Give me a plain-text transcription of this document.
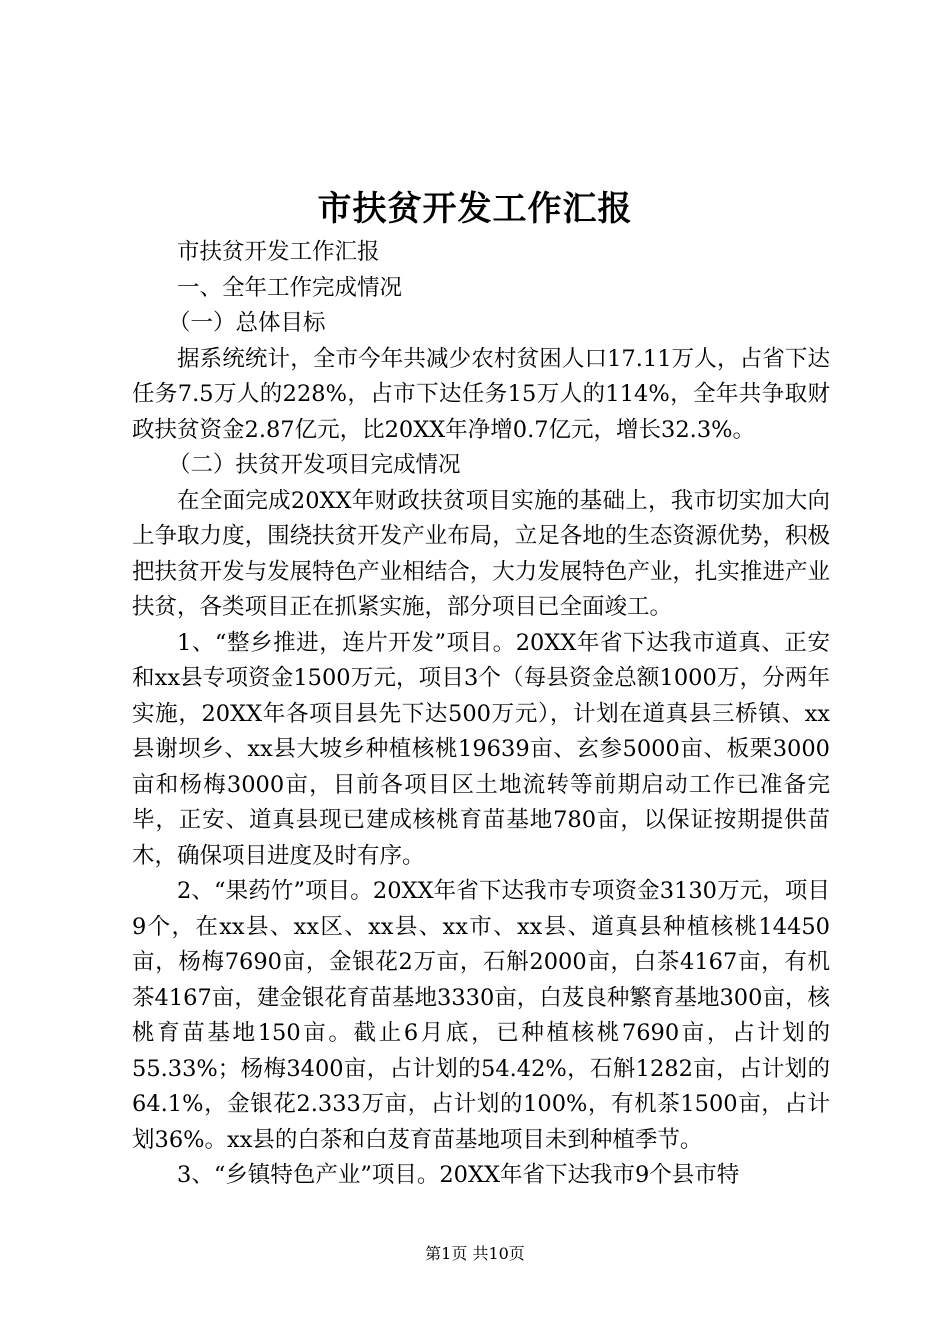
市扶贫开发工作汇报

市扶贫开发工作汇报

一、全年工作完成情况

（一）总体目标

据系统统计，全市今年共减少农村贫困人口17.11万人，占省下达任务7.5万人的228%，占市下达任务15万人的114%，全年共争取财政扶贫资金2.87亿元，比20XX年净增0.7亿元，增长32.3%。

（二）扶贫开发项目完成情况

在全面完成20XX年财政扶贫项目实施的基础上，我市切实加大向上争取力度，围绕扶贫开发产业布局，立足各地的生态资源优势，积极把扶贫开发与发展特色产业相结合，大力发展特色产业，扎实推进产业扶贫，各类项目正在抓紧实施，部分项目已全面竣工。

1、“整乡推进，连片开发”项目。20XX年省下达我市道真、正安和xx县专项资金1500万元，项目3个（每县资金总额1000万，分两年实施，20XX年各项目县先下达500万元），计划在道真县三桥镇、xx县谢坝乡、xx县大坡乡种植核桃19639亩、玄参5000亩、板栗3000亩和杨梅3000亩，目前各项目区土地流转等前期启动工作已准备完毕，正安、道真县现已建成核桃育苗基地780亩，以保证按期提供苗木，确保项目进度及时有序。

2、“果药竹”项目。20XX年省下达我市专项资金3130万元，项目9个，在xx县、xx区、xx县、xx市、xx县、道真县种植核桃14450亩，杨梅7690亩，金银花2万亩，石斛2000亩，白茶4167亩，有机茶4167亩，建金银花育苗基地3330亩，白芨良种繁育基地300亩，核桃育苗基地150亩。截止6月底，已种植核桃7690亩，占计划的55.33%；杨梅3400亩，占计划的54.42%，石斛1282亩，占计划的64.1%，金银花2.333万亩，占计划的100%，有机茶1500亩，占计划36%。xx县的白茶和白芨育苗基地项目未到种植季节。

3、“乡镇特色产业”项目。20XX年省下达我市9个县市特

第1页 共10页
